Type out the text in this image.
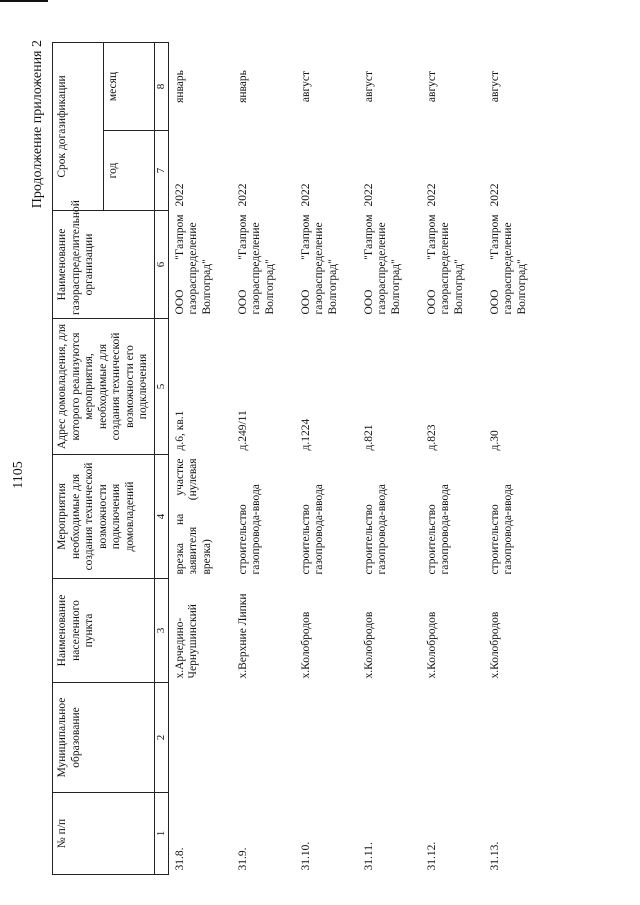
1105
Продолжение приложения 2
№ п/п	Муниципальное образование	Наименование населенного пункта	Мероприятия необходимые для создания технической возможности подключения домовладений	Адрес домовладения, для которого реализуются мероприятия, необходимые для создания технической возможности его подключения	Наименование газораспределительной организации	Срок догазификации	
						год	месяц
1	2	3	4	5	6	7	8
31.8.		х.Арчедино-Чернушинский	врезка на участке заявителя (нулевая врезка)	д.6, кв.1	ООО "Газпром газораспределение Волгоград"	2022	январь
31.9.		х.Верхние Липки	строительство газопровода-ввода	д.249/11	ООО "Газпром газораспределение Волгоград"	2022	январь
31.10.		х.Колобродов	строительство газопровода-ввода	д.1224	ООО "Газпром газораспределение Волгоград"	2022	август
31.11.		х.Колобродов	строительство газопровода-ввода	д.821	ООО "Газпром газораспределение Волгоград"	2022	август
31.12.		х.Колобродов	строительство газопровода-ввода	д.823	ООО "Газпром газораспределение Волгоград"	2022	август
31.13.		х.Колобродов	строительство газопровода-ввода	д.30	ООО "Газпром газораспределение Волгоград"	2022	август
